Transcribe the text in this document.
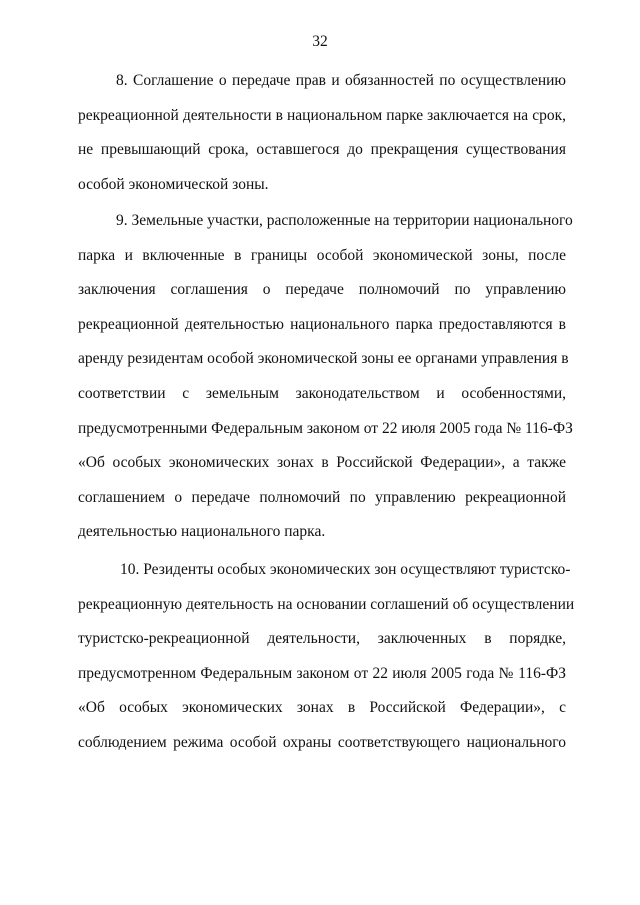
32
8. Соглашение о передаче прав и обязанностей по осуществлению
рекреационной деятельности в национальном парке заключается на срок,
не превышающий срока, оставшегося до прекращения существования
особой экономической зоны.
9. Земельные участки, расположенные на территории национального
парка и включенные в границы особой экономической зоны, после
заключения соглашения о передаче полномочий по управлению
рекреационной деятельностью национального парка предоставляются в
аренду резидентам особой экономической зоны ее органами управления в
соответствии с земельным законодательством и особенностями,
предусмотренными Федеральным законом от 22 июля 2005 года № 116-ФЗ
«Об особых экономических зонах в Российской Федерации», а также
соглашением о передаче полномочий по управлению рекреационной
деятельностью национального парка.
10. Резиденты особых экономических зон осуществляют туристско-
рекреационную деятельность на основании соглашений об осуществлении
туристско-рекреационной деятельности, заключенных в порядке,
предусмотренном Федеральным законом от 22 июля 2005 года № 116-ФЗ
«Об особых экономических зонах в Российской Федерации», с
соблюдением режима особой охраны соответствующего национального
